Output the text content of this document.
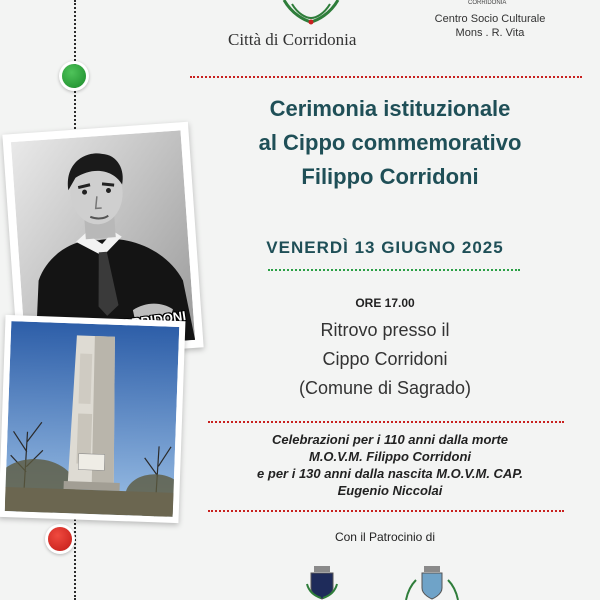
Città di Corridonia
CORRIDONIA
Centro Socio Culturale
Mons . R. Vita
Cerimonia istituzionale
al Cippo commemorativo
Filippo Corridoni
VENERDÌ 13 GIUGNO 2025
ORE 17.00
Ritrovo presso il
Cippo Corridoni
(Comune di Sagrado)
Celebrazioni per i 110 anni dalla morte
M.O.V.M. Filippo Corridoni
e per i 130 anni dalla nascita M.O.V.M. CAP.
Eugenio Niccolai
Con il Patrocinio di
